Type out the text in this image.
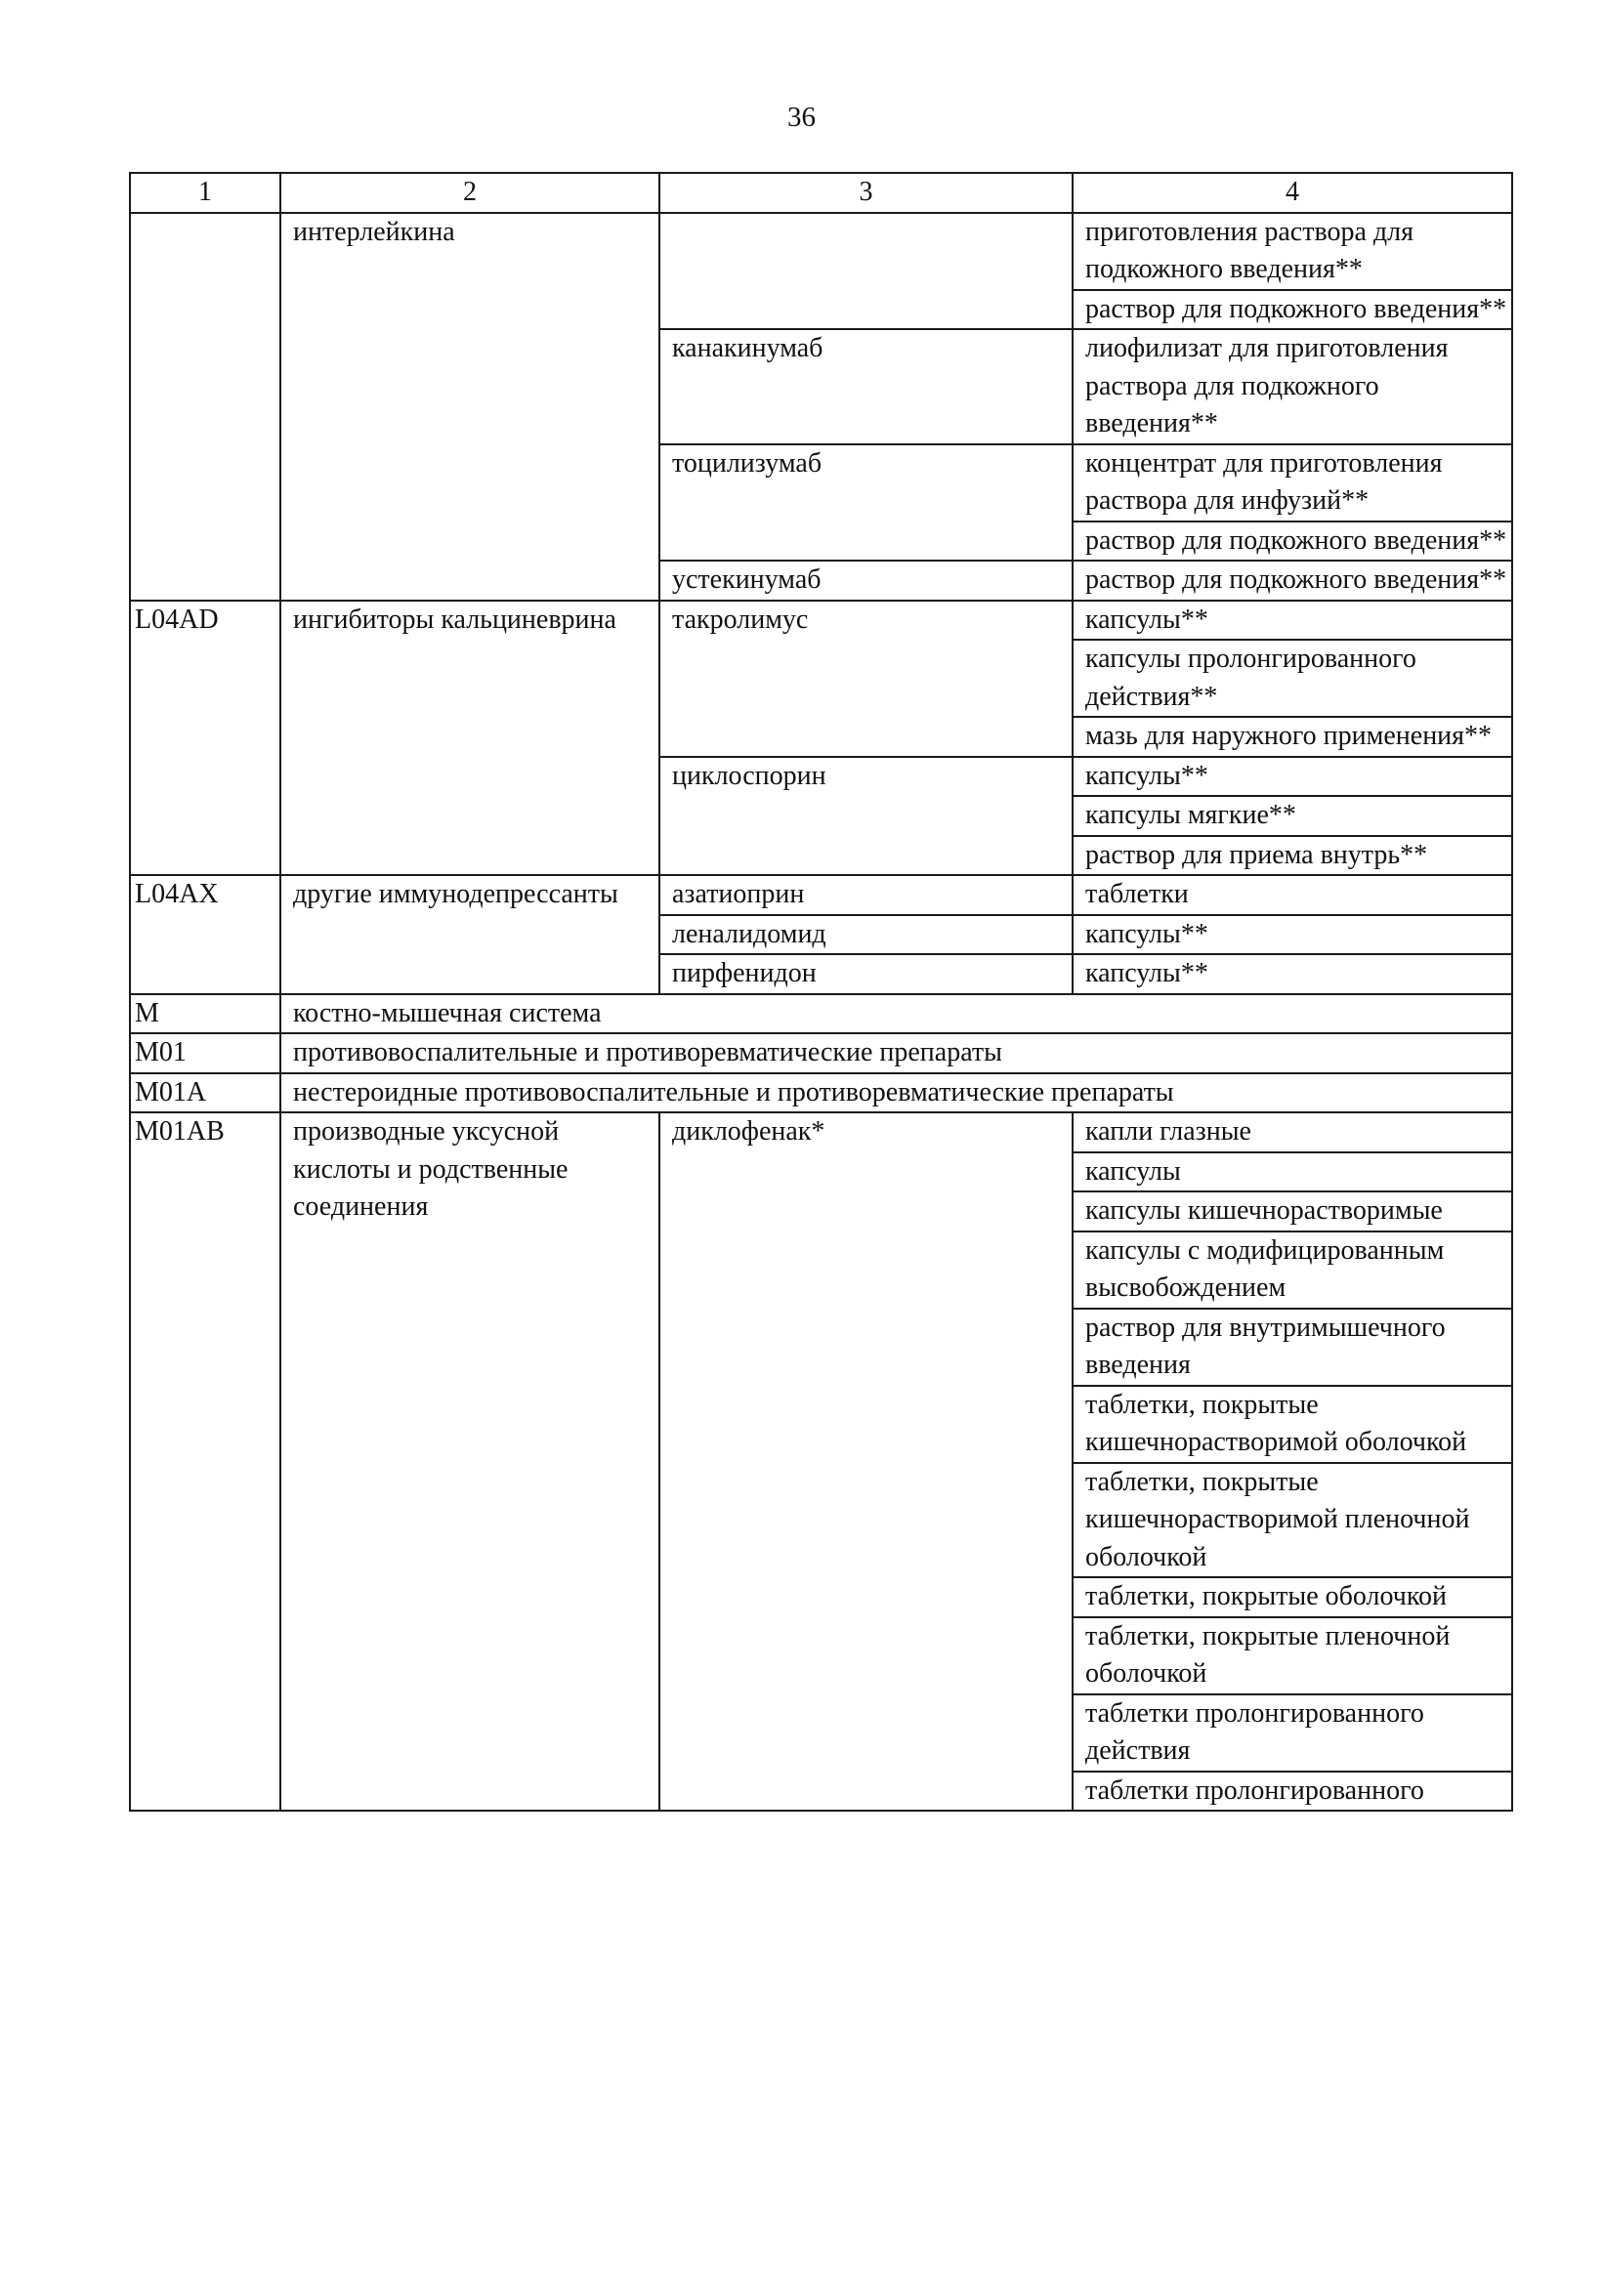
36
1	2	3	4
	интерлейкина		приготовления раствора для подкожного введения**
			раствор для подкожного введения**
		канакинумаб	лиофилизат для приготовления раствора для подкожного введения**
		тоцилизумаб	концентрат для приготовления раствора для инфузий**
			раствор для подкожного введения**
		устекинумаб	раствор для подкожного введения**
L04AD	ингибиторы кальциневрина	такролимус	капсулы**
			капсулы пролонгированного действия**
			мазь для наружного применения**
		циклоспорин	капсулы**
			капсулы мягкие**
			раствор для приема внутрь**
L04AX	другие иммунодепрессанты	азатиоприн	таблетки
		леналидомид	капсулы**
		пирфенидон	капсулы**
M	костно-мышечная система		
M01	противовоспалительные и противоревматические препараты		
M01A	нестероидные противовоспалительные и противоревматические препараты		
M01AB	производные уксусной кислоты и родственные соединения	диклофенак*	капли глазные
			капсулы
			капсулы кишечнорастворимые
			капсулы с модифицированным высвобождением
			раствор для внутримышечного введения
			таблетки, покрытые кишечнорастворимой оболочкой
			таблетки, покрытые кишечнорастворимой пленочной оболочкой
			таблетки, покрытые оболочкой
			таблетки, покрытые пленочной оболочкой
			таблетки пролонгированного действия
			таблетки пролонгированного
